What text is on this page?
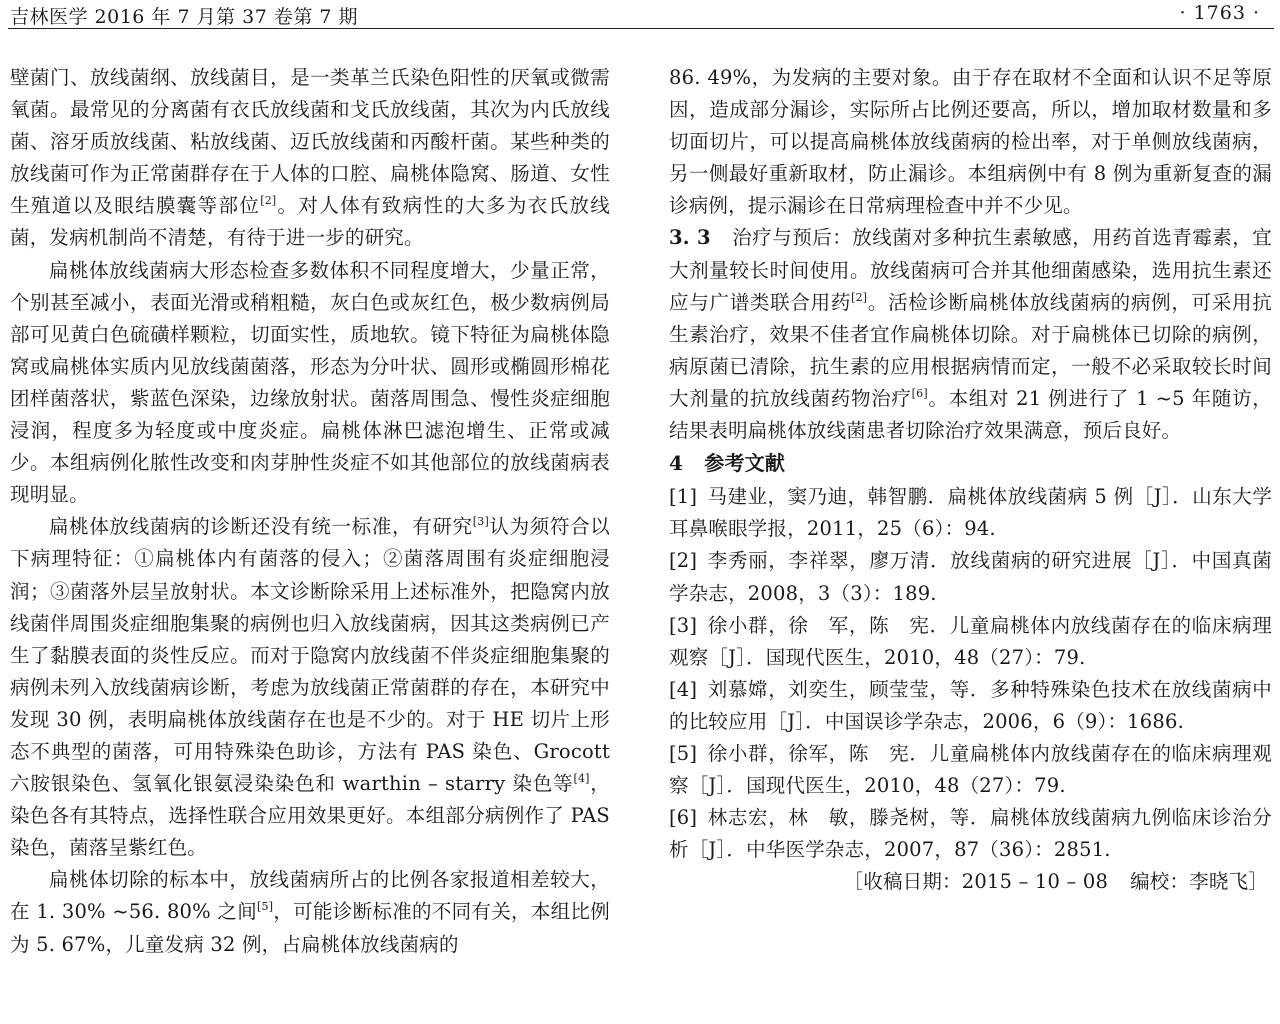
吉林医学 2016 年 7 月第 37 卷第 7 期	· 1763 ·

壁菌门、放线菌纲、放线菌目，是一类革兰氏染色阳性的厌氧或微需氧菌。最常见的分离菌有衣氏放线菌和戈氏放线菌，其次为内氏放线菌、溶牙质放线菌、粘放线菌、迈氏放线菌和丙酸杆菌。某些种类的放线菌可作为正常菌群存在于人体的口腔、扁桃体隐窝、肠道、女性生殖道以及眼结膜囊等部位[2]。对人体有致病性的大多为衣氏放线菌，发病机制尚不清楚，有待于进一步的研究。

扁桃体放线菌病大形态检查多数体积不同程度增大，少量正常，个别甚至减小，表面光滑或稍粗糙，灰白色或灰红色，极少数病例局部可见黄白色硫磺样颗粒，切面实性，质地软。镜下特征为扁桃体隐窝或扁桃体实质内见放线菌菌落，形态为分叶状、圆形或椭圆形棉花团样菌落状，紫蓝色深染，边缘放射状。菌落周围急、慢性炎症细胞浸润，程度多为轻度或中度炎症。扁桃体淋巴滤泡增生、正常或减少。本组病例化脓性改变和肉芽肿性炎症不如其他部位的放线菌病表现明显。

扁桃体放线菌病的诊断还没有统一标准，有研究[3]认为须符合以下病理特征：①扁桃体内有菌落的侵入；②菌落周围有炎症细胞浸润；③菌落外层呈放射状。本文诊断除采用上述标准外，把隐窝内放线菌伴周围炎症细胞集聚的病例也归入放线菌病，因其这类病例已产生了黏膜表面的炎性反应。而对于隐窝内放线菌不伴炎症细胞集聚的病例未列入放线菌病诊断，考虑为放线菌正常菌群的存在，本研究中发现 30 例，表明扁桃体放线菌存在也是不少的。对于 HE 切片上形态不典型的菌落，可用特殊染色助诊，方法有 PAS 染色、Grocott 六胺银染色、氢氧化银氨浸染染色和 warthin – starry 染色等[4]，染色各有其特点，选择性联合应用效果更好。本组部分病例作了 PAS 染色，菌落呈紫红色。

扁桃体切除的标本中，放线菌病所占的比例各家报道相差较大，在 1. 30% ~56. 80% 之间[5]，可能诊断标准的不同有关，本组比例为 5. 67%，儿童发病 32 例，占扁桃体放线菌病的

86. 49%，为发病的主要对象。由于存在取材不全面和认识不足等原因，造成部分漏诊，实际所占比例还要高，所以，增加取材数量和多切面切片，可以提高扁桃体放线菌病的检出率，对于单侧放线菌病，另一侧最好重新取材，防止漏诊。本组病例中有 8 例为重新复查的漏诊病例，提示漏诊在日常病理检查中并不少见。

3. 3 治疗与预后：放线菌对多种抗生素敏感，用药首选青霉素，宜大剂量较长时间使用。放线菌病可合并其他细菌感染，选用抗生素还应与广谱类联合用药[2]。活检诊断扁桃体放线菌病的病例，可采用抗生素治疗，效果不佳者宜作扁桃体切除。对于扁桃体已切除的病例，病原菌已清除，抗生素的应用根据病情而定，一般不必采取较长时间大剂量的抗放线菌药物治疗[6]。本组对 21 例进行了 1 ~5 年随访，结果表明扁桃体放线菌患者切除治疗效果满意，预后良好。

4 参考文献

[1] 马建业，窦乃迪，韩智鹏．扁桃体放线菌病 5 例［J］．山东大学耳鼻喉眼学报，2011，25（6）：94.

[2] 李秀丽，李祥翠，廖万清．放线菌病的研究进展［J］．中国真菌学杂志，2008，3（3）：189.

[3] 徐小群，徐　军，陈　宪．儿童扁桃体内放线菌存在的临床病理观察［J］．国现代医生，2010，48（27）：79.

[4] 刘慕嫦，刘奕生，顾莹莹，等．多种特殊染色技术在放线菌病中的比较应用［J］．中国误诊学杂志，2006，6（9）：1686.

[5] 徐小群，徐军，陈　宪．儿童扁桃体内放线菌存在的临床病理观察［J］．国现代医生，2010，48（27）：79.

[6] 林志宏，林　敏，滕尧树，等．扁桃体放线菌病九例临床诊治分析［J］．中华医学杂志，2007，87（36）：2851.

［收稿日期：2015 – 10 – 08 编校：李晓飞］
